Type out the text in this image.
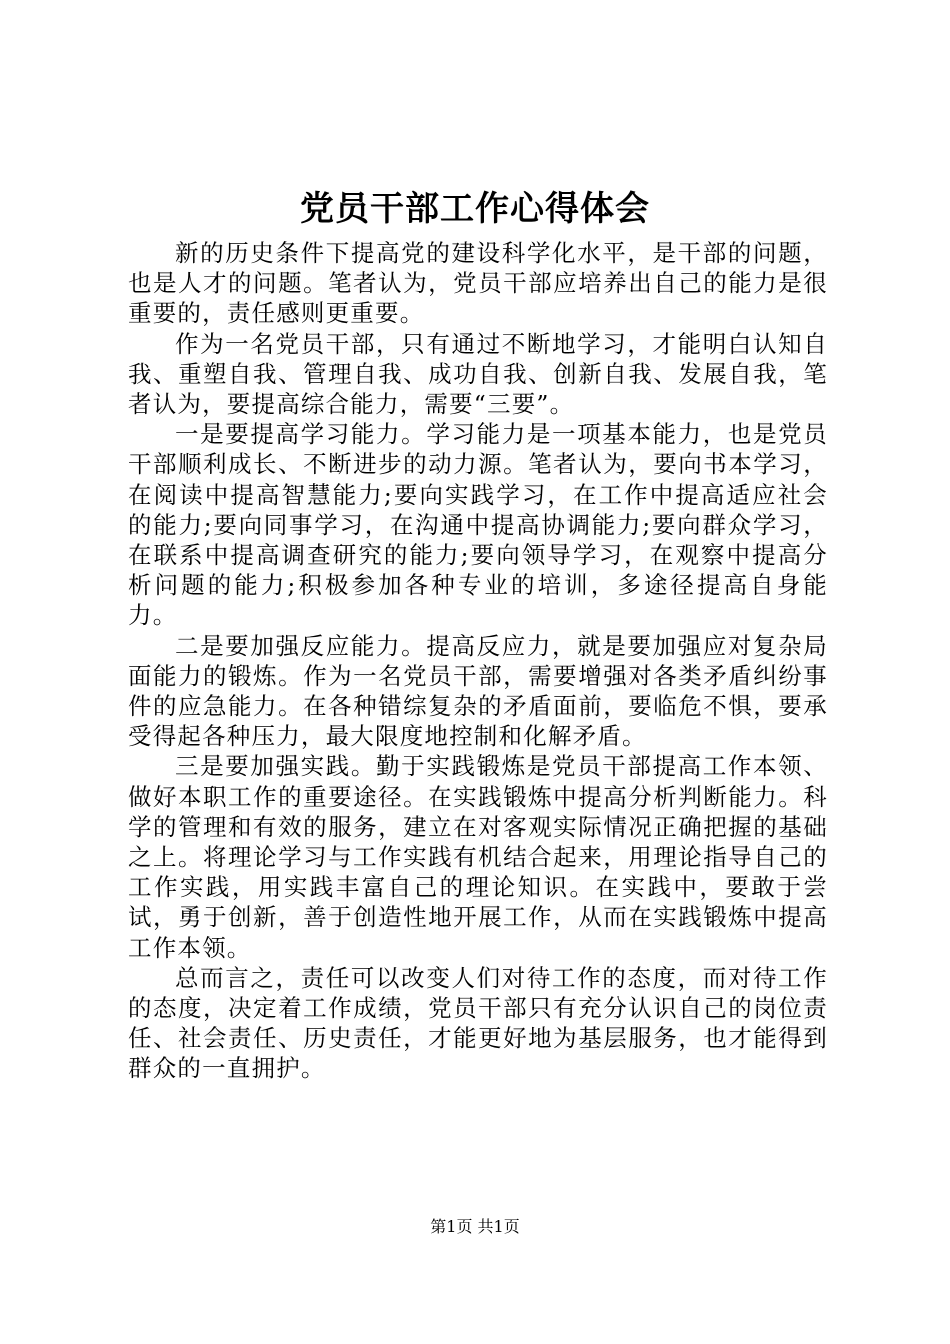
党员干部工作心得体会

新的历史条件下提高党的建设科学化水平，是干部的问题，也是人才的问题。笔者认为，党员干部应培养出自己的能力是很重要的，责任感则更重要。

作为一名党员干部，只有通过不断地学习，才能明白认知自我、重塑自我、管理自我、成功自我、创新自我、发展自我，笔者认为，要提高综合能力，需要“三要”。

一是要提高学习能力。学习能力是一项基本能力，也是党员干部顺利成长、不断进步的动力源。笔者认为，要向书本学习，在阅读中提高智慧能力;要向实践学习，在工作中提高适应社会的能力;要向同事学习，在沟通中提高协调能力;要向群众学习，在联系中提高调查研究的能力;要向领导学习，在观察中提高分析问题的能力;积极参加各种专业的培训，多途径提高自身能力。

二是要加强反应能力。提高反应力，就是要加强应对复杂局面能力的锻炼。作为一名党员干部，需要增强对各类矛盾纠纷事件的应急能力。在各种错综复杂的矛盾面前，要临危不惧，要承受得起各种压力，最大限度地控制和化解矛盾。

三是要加强实践。勤于实践锻炼是党员干部提高工作本领、做好本职工作的重要途径。在实践锻炼中提高分析判断能力。科学的管理和有效的服务，建立在对客观实际情况正确把握的基础之上。将理论学习与工作实践有机结合起来，用理论指导自己的工作实践，用实践丰富自己的理论知识。在实践中，要敢于尝试，勇于创新，善于创造性地开展工作，从而在实践锻炼中提高工作本领。

总而言之，责任可以改变人们对待工作的态度，而对待工作的态度，决定着工作成绩，党员干部只有充分认识自己的岗位责任、社会责任、历史责任，才能更好地为基层服务，也才能得到群众的一直拥护。

第1页 共1页
